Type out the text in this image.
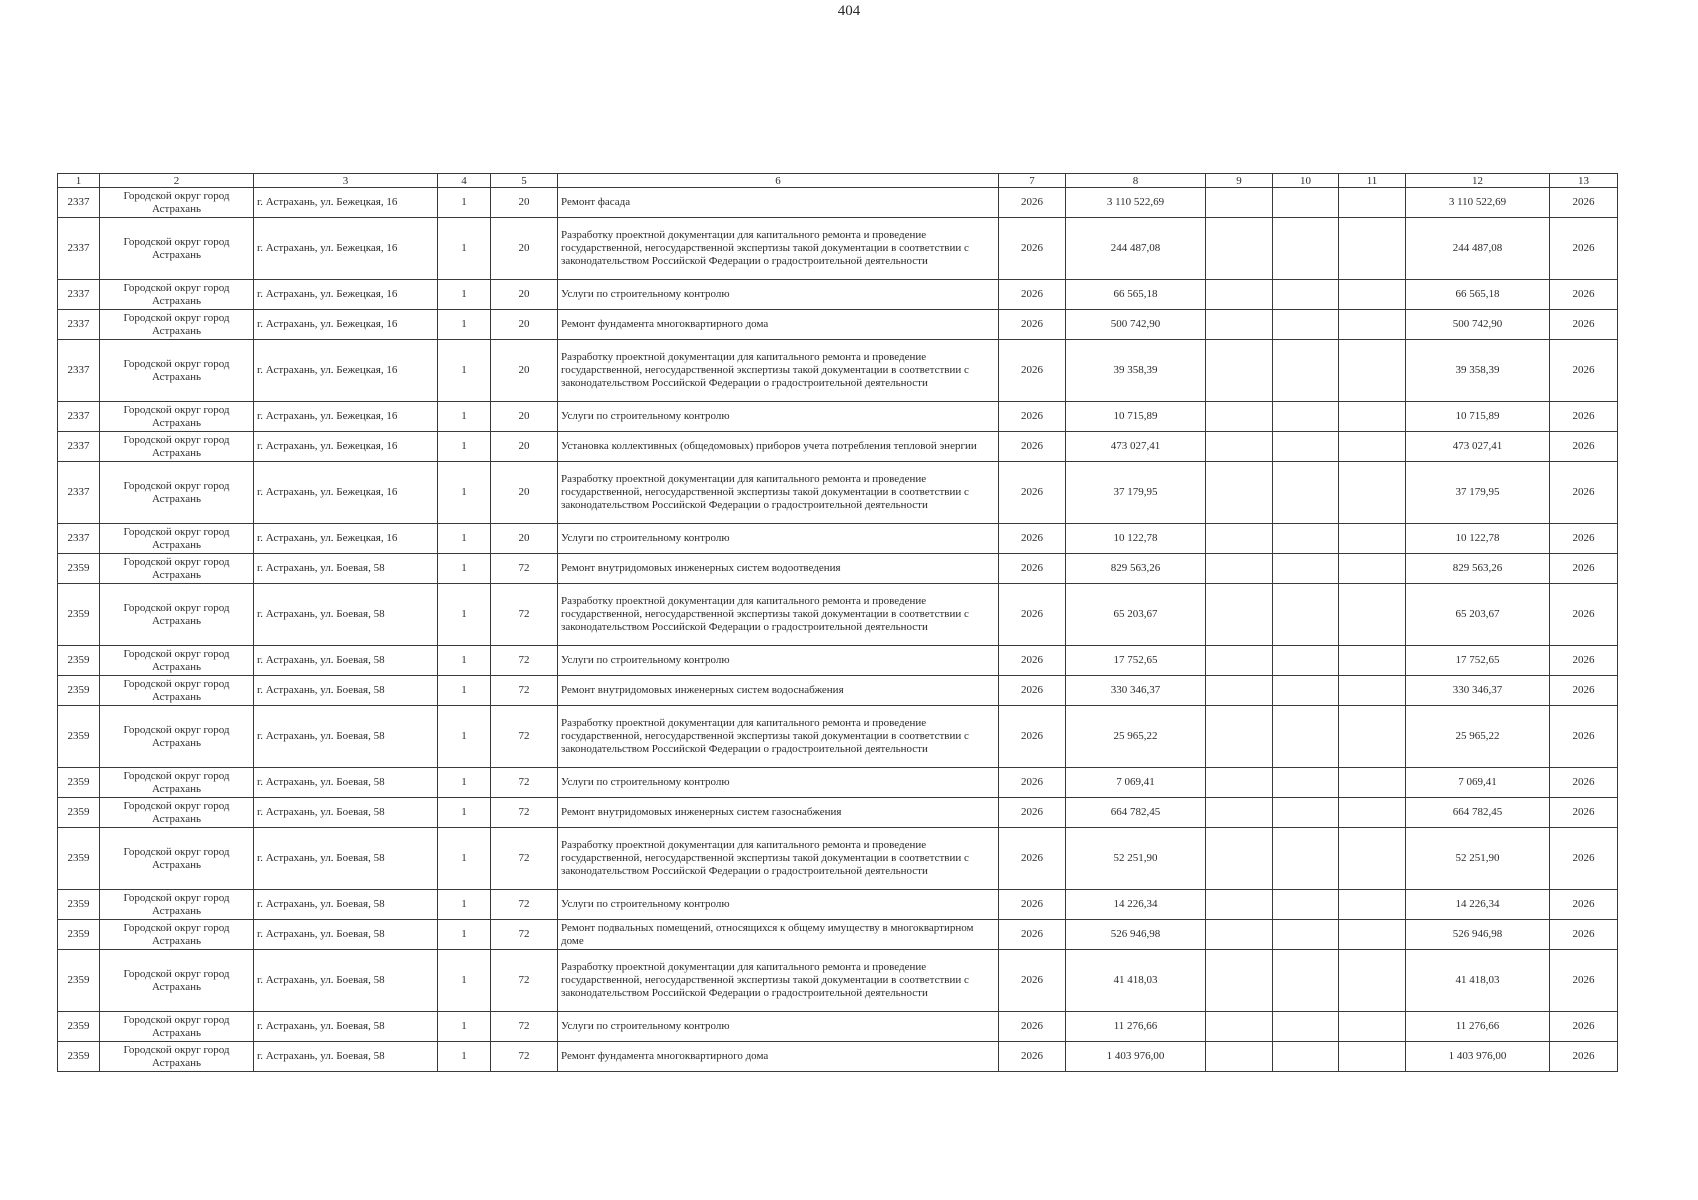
404
1	2	3	4	5	6	7	8	9	10	11	12	13
2337	Городской округ город Астрахань	г. Астрахань, ул. Бежецкая, 16	1	20	Ремонт фасада	2026	3 110 522,69				3 110 522,69	2026
2337	Городской округ город Астрахань	г. Астрахань, ул. Бежецкая, 16	1	20	Разработку проектной документации для капитального ремонта и проведение государственной, негосударственной экспертизы такой документации в соответствии с законодательством Российской Федерации о градостроительной деятельности	2026	244 487,08				244 487,08	2026
2337	Городской округ город Астрахань	г. Астрахань, ул. Бежецкая, 16	1	20	Услуги по строительному контролю	2026	66 565,18				66 565,18	2026
2337	Городской округ город Астрахань	г. Астрахань, ул. Бежецкая, 16	1	20	Ремонт фундамента многоквартирного дома	2026	500 742,90				500 742,90	2026
2337	Городской округ город Астрахань	г. Астрахань, ул. Бежецкая, 16	1	20	Разработку проектной документации для капитального ремонта и проведение государственной, негосударственной экспертизы такой документации в соответствии с законодательством Российской Федерации о градостроительной деятельности	2026	39 358,39				39 358,39	2026
2337	Городской округ город Астрахань	г. Астрахань, ул. Бежецкая, 16	1	20	Услуги по строительному контролю	2026	10 715,89				10 715,89	2026
2337	Городской округ город Астрахань	г. Астрахань, ул. Бежецкая, 16	1	20	Установка коллективных (общедомовых) приборов учета потребления тепловой энергии	2026	473 027,41				473 027,41	2026
2337	Городской округ город Астрахань	г. Астрахань, ул. Бежецкая, 16	1	20	Разработку проектной документации для капитального ремонта и проведение государственной, негосударственной экспертизы такой документации в соответствии с законодательством Российской Федерации о градостроительной деятельности	2026	37 179,95				37 179,95	2026
2337	Городской округ город Астрахань	г. Астрахань, ул. Бежецкая, 16	1	20	Услуги по строительному контролю	2026	10 122,78				10 122,78	2026
2359	Городской округ город Астрахань	г. Астрахань, ул. Боевая, 58	1	72	Ремонт внутридомовых инженерных систем водоотведения	2026	829 563,26				829 563,26	2026
2359	Городской округ город Астрахань	г. Астрахань, ул. Боевая, 58	1	72	Разработку проектной документации для капитального ремонта и проведение государственной, негосударственной экспертизы такой документации в соответствии с законодательством Российской Федерации о градостроительной деятельности	2026	65 203,67				65 203,67	2026
2359	Городской округ город Астрахань	г. Астрахань, ул. Боевая, 58	1	72	Услуги по строительному контролю	2026	17 752,65				17 752,65	2026
2359	Городской округ город Астрахань	г. Астрахань, ул. Боевая, 58	1	72	Ремонт внутридомовых инженерных систем водоснабжения	2026	330 346,37				330 346,37	2026
2359	Городской округ город Астрахань	г. Астрахань, ул. Боевая, 58	1	72	Разработку проектной документации для капитального ремонта и проведение государственной, негосударственной экспертизы такой документации в соответствии с законодательством Российской Федерации о градостроительной деятельности	2026	25 965,22				25 965,22	2026
2359	Городской округ город Астрахань	г. Астрахань, ул. Боевая, 58	1	72	Услуги по строительному контролю	2026	7 069,41				7 069,41	2026
2359	Городской округ город Астрахань	г. Астрахань, ул. Боевая, 58	1	72	Ремонт внутридомовых инженерных систем газоснабжения	2026	664 782,45				664 782,45	2026
2359	Городской округ город Астрахань	г. Астрахань, ул. Боевая, 58	1	72	Разработку проектной документации для капитального ремонта и проведение государственной, негосударственной экспертизы такой документации в соответствии с законодательством Российской Федерации о градостроительной деятельности	2026	52 251,90				52 251,90	2026
2359	Городской округ город Астрахань	г. Астрахань, ул. Боевая, 58	1	72	Услуги по строительному контролю	2026	14 226,34				14 226,34	2026
2359	Городской округ город Астрахань	г. Астрахань, ул. Боевая, 58	1	72	Ремонт подвальных помещений, относящихся к общему имуществу в многоквартирном доме	2026	526 946,98				526 946,98	2026
2359	Городской округ город Астрахань	г. Астрахань, ул. Боевая, 58	1	72	Разработку проектной документации для капитального ремонта и проведение государственной, негосударственной экспертизы такой документации в соответствии с законодательством Российской Федерации о градостроительной деятельности	2026	41 418,03				41 418,03	2026
2359	Городской округ город Астрахань	г. Астрахань, ул. Боевая, 58	1	72	Услуги по строительному контролю	2026	11 276,66				11 276,66	2026
2359	Городской округ город Астрахань	г. Астрахань, ул. Боевая, 58	1	72	Ремонт фундамента многоквартирного дома	2026	1 403 976,00				1 403 976,00	2026
